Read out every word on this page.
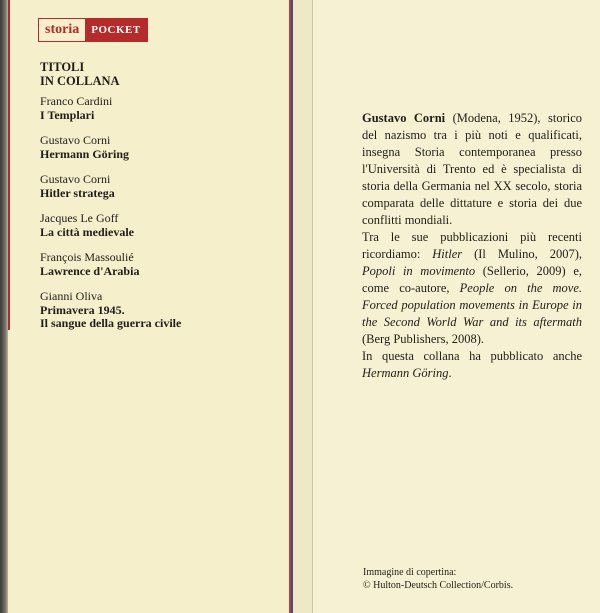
storia	POCKET
TITOLI
IN COLLANA
Franco Cardini
I Templari
Gustavo Corni
Hermann Göring
Gustavo Corni
Hitler stratega
Jacques Le Goff
La città medievale
François Massoulié
Lawrence d'Arabia
Gianni Oliva
Primavera 1945.
Il sangue della guerra civile

Gustavo Corni (Modena, 1952), storico del nazismo tra i più noti e qualificati, insegna Storia contemporanea presso l'Università di Trento ed è specialista di storia della Germania nel XX secolo, storia comparata delle dittature e storia dei due conflitti mondiali.

Tra le sue pubblicazioni più recenti ricordiamo: Hitler (Il Mulino, 2007), Popoli in movimento (Sellerio, 2009) e, come co-autore, People on the move. Forced population movements in Europe in the Second World War and its aftermath (Berg Publishers, 2008).

In questa collana ha pubblicato anche Hermann Göring.

Immagine di copertina:
© Hulton-Deutsch Collection/Corbis.
